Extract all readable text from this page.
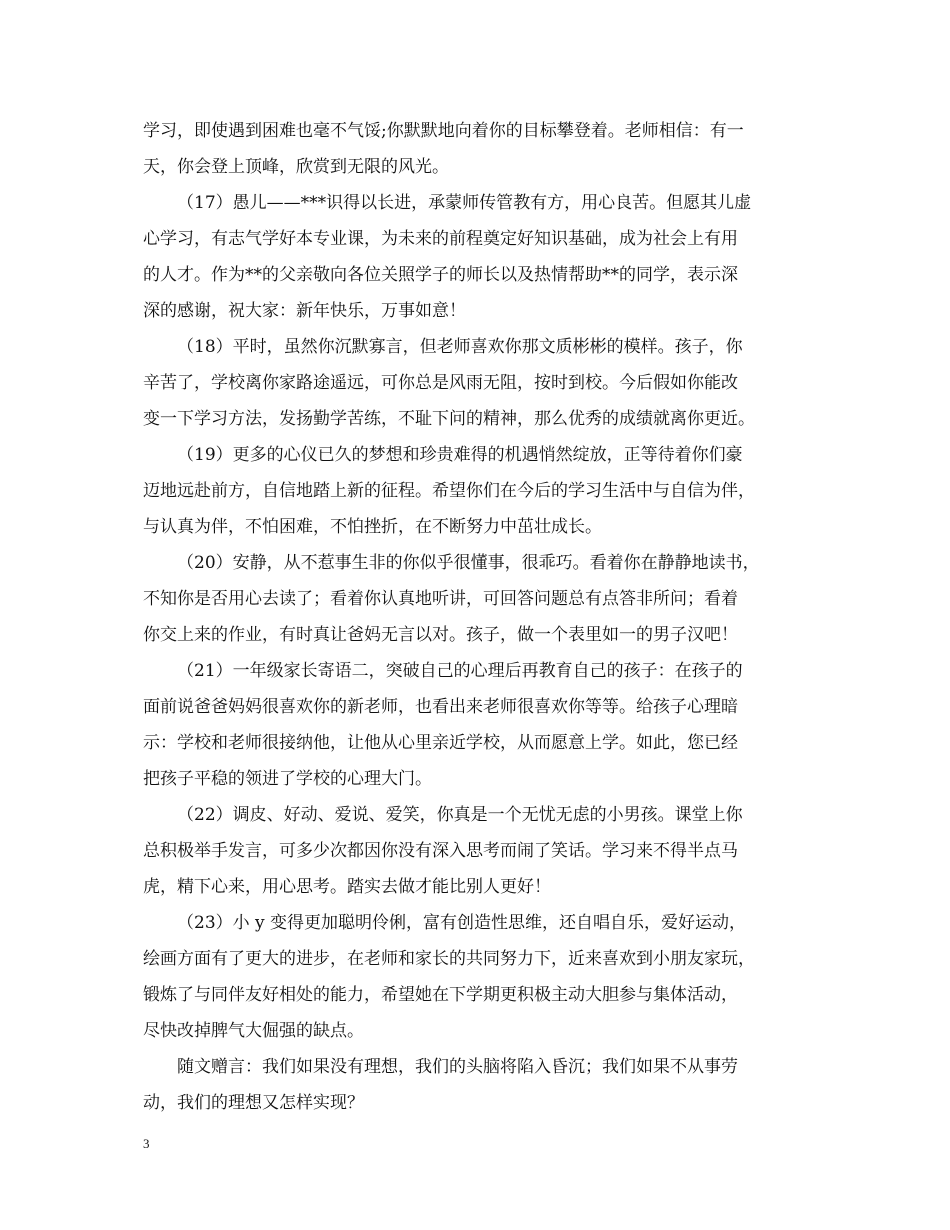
学习，即使遇到困难也毫不气馁;你默默地向着你的目标攀登着。老师相信：有一
天，你会登上顶峰，欣赏到无限的风光。
（17）愚儿——***识得以长进，承蒙师传管教有方，用心良苦。但愿其儿虚
心学习，有志气学好本专业课，为未来的前程奠定好知识基础，成为社会上有用
的人才。作为**的父亲敬向各位关照学子的师长以及热情帮助**的同学，表示深
深的感谢，祝大家：新年快乐，万事如意！
（18）平时，虽然你沉默寡言，但老师喜欢你那文质彬彬的模样。孩子，你
辛苦了，学校离你家路途遥远，可你总是风雨无阻，按时到校。今后假如你能改
变一下学习方法，发扬勤学苦练，不耻下问的精神，那么优秀的成绩就离你更近。
（19）更多的心仪已久的梦想和珍贵难得的机遇悄然绽放，正等待着你们豪
迈地远赴前方，自信地踏上新的征程。希望你们在今后的学习生活中与自信为伴，
与认真为伴，不怕困难，不怕挫折，在不断努力中茁壮成长。
（20）安静，从不惹事生非的你似乎很懂事，很乖巧。看着你在静静地读书，
不知你是否用心去读了；看着你认真地听讲，可回答问题总有点答非所问；看着
你交上来的作业，有时真让爸妈无言以对。孩子，做一个表里如一的男子汉吧！
（21）一年级家长寄语二，突破自己的心理后再教育自己的孩子：在孩子的
面前说爸爸妈妈很喜欢你的新老师，也看出来老师很喜欢你等等。给孩子心理暗
示：学校和老师很接纳他，让他从心里亲近学校，从而愿意上学。如此，您已经
把孩子平稳的领进了学校的心理大门。
（22）调皮、好动、爱说、爱笑，你真是一个无忧无虑的小男孩。课堂上你
总积极举手发言，可多少次都因你没有深入思考而闹了笑话。学习来不得半点马
虎，精下心来，用心思考。踏实去做才能比别人更好！
（23）小 y 变得更加聪明伶俐，富有创造性思维，还自唱自乐，爱好运动，
绘画方面有了更大的进步，在老师和家长的共同努力下，近来喜欢到小朋友家玩，
锻炼了与同伴友好相处的能力，希望她在下学期更积极主动大胆参与集体活动，
尽快改掉脾气大倔强的缺点。
随文赠言：我们如果没有理想，我们的头脑将陷入昏沉；我们如果不从事劳
动，我们的理想又怎样实现？
3
